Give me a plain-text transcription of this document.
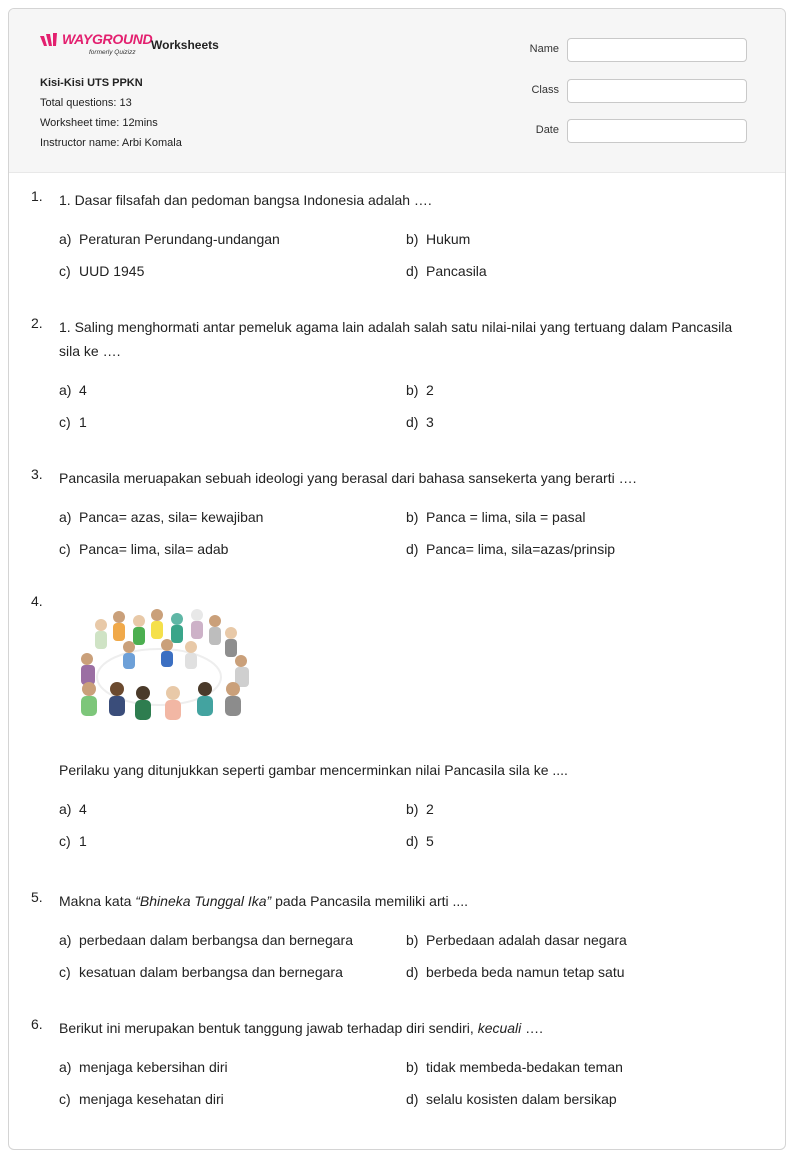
WAYGROUND
formerly Quizizz
Worksheets
Kisi-Kisi UTS PPKN
Total questions: 13
Worksheet time: 12mins
Instructor name: Arbi Komala
Name
Class
Date
1.	1. Dasar filsafah dan pedoman bangsa Indonesia adalah ….
a) Peraturan Perundang-undangan	b) Hukum
c) UUD 1945	d) Pancasila
2.	1. Saling menghormati antar pemeluk agama lain adalah salah satu nilai-nilai yang tertuang dalam Pancasila sila ke ….
a) 4	b) 2
c) 1	d) 3
3.	Pancasila meruapakan sebuah ideologi yang berasal dari bahasa sansekerta yang berarti ….
a) Panca= azas, sila= kewajiban	b) Panca = lima, sila = pasal
c) Panca= lima, sila= adab	d) Panca= lima, sila=azas/prinsip
4.
Perilaku yang ditunjukkan seperti gambar mencerminkan nilai Pancasila sila ke ....
a) 4	b) 2
c) 1	d) 5
5.	Makna kata “Bhineka Tunggal Ika” pada Pancasila memiliki arti ....
a) perbedaan dalam berbangsa dan bernegara	b) Perbedaan adalah dasar negara
c) kesatuan dalam berbangsa dan bernegara	d) berbeda beda namun tetap satu
6.	Berikut ini merupakan bentuk tanggung jawab terhadap diri sendiri, kecuali ….
a) menjaga kebersihan diri	b) tidak membeda-bedakan teman
c) menjaga kesehatan diri	d) selalu kosisten dalam bersikap
